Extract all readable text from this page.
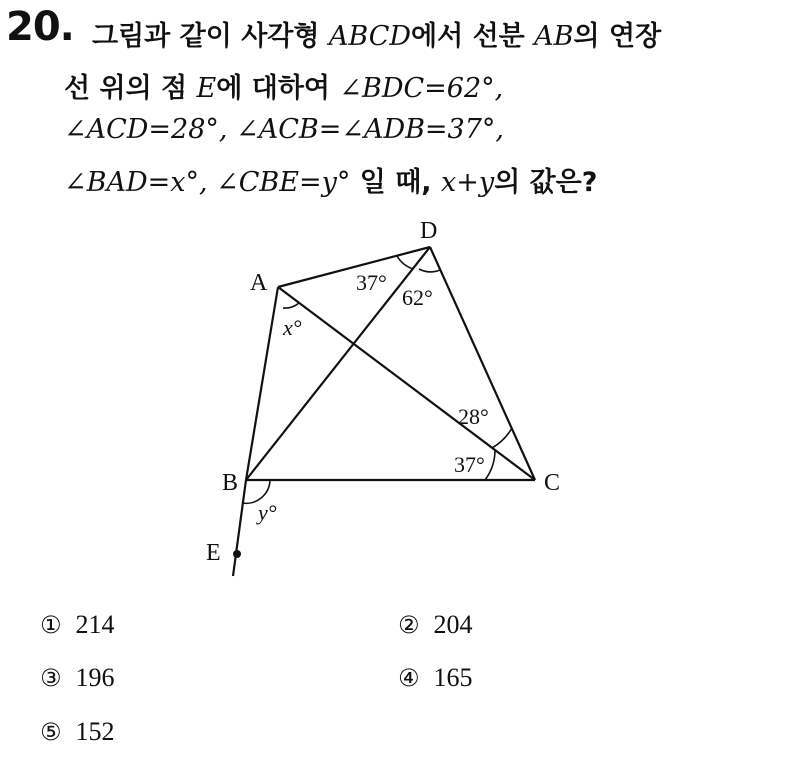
20. 그림과 같이 사각형 ABCD에서 선분 AB의 연장
선 위의 점 E에 대하여 ∠BDC=62°,
∠ACD=28°, ∠ACB=∠ADB=37°,
∠BAD=x°, ∠CBE=y° 일 때, x+y의 값은?
A
B	C
D
E
37°
62°
28°
37°
x°
y°
① 214	② 204
③ 196	④ 165
⑤ 152
